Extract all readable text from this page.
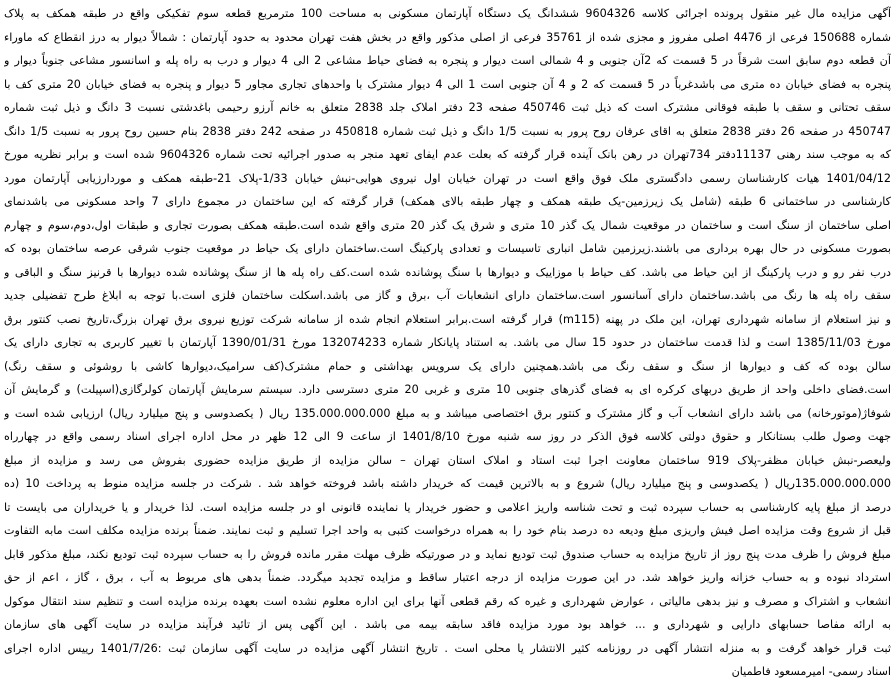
آگهی مزایده مال غیر منقول پرونده اجرائی کلاسه 9604326 ششدانگ یک دستگاه آپارتمان مسکونی به مساحت 100 مترمربع قطعه سوم تفکیکی واقع در طبقه همکف به پلاک
شماره 150688 فرعی از 4476 اصلی مفروز و مجزی شده از 35761 فرعی از اصلی مذکور واقع در بخش هفت تهران محدود به حدود آپارتمان : شمالاً دیوار به درز انقطاع که ماوراء
آن قطعه دوم سابق است شرقاً در 5 قسمت که 2آن جنوبی و 4 شمالی است دیوار و پنجره به فضای حیاط مشاعی 2 الی 4 دیوار و درب به راه پله و اسانسور مشاعی جنوباً دیوار و
پنجره به فضای خیابان ده متری می باشدغرباً در 5 قسمت که 2 و 4 آن جنوبی است 1 الی 4 دیوار مشترک با واحدهای تجاری مجاور 5 دیوار و پنجره به فضای خیابان 20 متری کف با
سقف تحتانی و سقف با طبقه فوقانی مشترک است که ذیل ثبت 450746 صفحه 23 دفتر املاک جلد 2838 متعلق به خانم آرزو رحیمی باغدشتی نسبت 3 دانگ و ذیل ثبت شماره
450747 در صفحه 26 دفتر 2838 متعلق به اقای عرفان روح پرور به نسبت 1/5 دانگ و ذیل ثبت شماره 450818 در صفحه 242 دفتر 2838 بنام حسین روح پرور به نسبت 1/5 دانگ
که به موجب سند رهنی 11137دفتر 734تهران در رهن بانک آینده قرار گرفته که بعلت عدم ایفای تعهد منجر به صدور اجرائیه تحت شماره 9604326 شده است و برابر نظریه مورخ
1401/04/12 هیات کارشناسان رسمی دادگستری ملک فوق واقع است در تهران خیابان اول نیروی هوایی-نبش خیابان 1/33-پلاک 21-طبقه همکف و موردارزیابی آپارتمان مورد
کارشناسی در ساختمانی 6 طبقه (شامل یک زیرزمین-یک طبقه همکف و چهار طبقه بالای همکف) قرار گرفته که این ساختمان در مجموع دارای 7 واحد مسکونی می باشدنمای
اصلی ساختمان از سنگ است و ساختمان در موقعیت شمال یک گذر 10 متری و شرق یک گذر 20 متری واقع شده است.طبقه همکف بصورت تجاری و طبقات اول،دوم،سوم و چهارم
بصورت مسکونی در حال بهره برداری می باشند.زیرزمین شامل انباری تاسیسات و تعدادی پارکینگ است.ساختمان دارای یک حیاط در موقعیت جنوب شرقی عرصه ساختمان بوده که
درب نفر رو و درب پارکینگ از این حیاط می باشد. کف حیاط با موزاییک و دیوارها با سنگ پوشانده شده است.کف راه پله ها از سنگ پوشانده شده دیوارها با قرنیز سنگ و الباقی و
سقف راه پله ها رنگ می باشد.ساختمان دارای آسانسور است.ساختمان دارای انشعابات آب ،برق و گاز می باشد.اسکلت ساختمان فلزی است.با توجه به ابلاغ طرح تفضیلی جدید
و نیز استعلام از سامانه شهرداری تهران، این ملک در پهنه (m115) قرار گرفته است.برابر استعلام انجام شده از سامانه شرکت توزیع نیروی برق تهران بزرگ،تاریخ نصب کنتور برق
مورخ 1385/11/03 است و لذا قدمت ساختمان در حدود 15 سال می باشد. به استناد پایانکار شماره 132074233 مورخ 1390/01/31 آپارتمان با تغییر کاربری به تجاری دارای یک
سالن بوده که کف و دیوارها از سنگ و سقف رنگ می باشد.همچنین دارای یک سرویس بهداشتی و حمام مشترک(کف سرامیک،دیوارها کاشی با روشوئی و سقف رنگ)
است.فضای داخلی واحد از طریق دربهای کرکره ای به فضای گذرهای جنوبی 10 متری و غربی 20 متری دسترسی دارد. سیستم سرمایش آپارتمان کولرگازی(اسپیلت) و گرمایش آن
شوفاژ(موتورخانه) می باشد دارای انشعاب آب و گاز مشترک و کنتور برق اختصاصی میباشد و به مبلغ 135.000.000.000 ریال ( یکصدوسی و پنج میلیارد ریال) ارزیابی شده است و
جهت وصول طلب بستانکار و حقوق دولتی کلاسه فوق الذکر در روز سه شنبه مورخ 1401/8/10 از ساعت 9 الی 12 ظهر در محل اداره اجرای اسناد رسمی واقع در چهارراه
ولیعصر-نبش خیابان مظفر-پلاک 919 ساختمان معاونت اجرا ثبت استاد و املاک استان تهران – سالن مزایده از طریق مزایده حضوری بفروش می رسد و مزایده از مبلغ
135.000.000.000ریال ( یکصدوسی و پنج میلیارد ریال) شروع و به بالاترین قیمت که خریدار داشته باشد فروخته خواهد شد . شرکت در جلسه مزایده منوط به پرداخت 10 (ده
درصد از مبلغ پایه کارشناسی به حساب سپرده ثبت و تحت شناسه واریز اعلامی و حضور خریدار یا نماینده قانونی او در جلسه مزایده است. لذا خریدار و یا خریداران می بایست تا
قبل از شروع وقت مزایده اصل فیش واریزی مبلغ ودیعه ده درصد بنام خود را به همراه درخواست کتبی به واحد اجرا تسلیم و ثبت نمایند. ضمناً برنده مزایده مکلف است مابه التفاوت
مبلغ فروش را ظرف مدت پنج روز از تاریخ مزایده به حساب صندوق ثبت تودیع نماید و در صورتیکه ظرف مهلت مقرر مانده فروش را به حساب سپرده ثبت تودیع نکند، مبلغ مذکور قابل
استرداد نبوده و به حساب خزانه واریز خواهد شد. در این صورت مزایده از درجه اعتبار ساقط و مزایده تجدید میگردد. ضمناً بدهی های مربوط به آب ، برق ، گاز ، اعم از حق
انشعاب و اشتراک و مصرف و نیز بدهی مالیاتی ، عوارض شهرداری و غیره که رقم قطعی آنها برای این اداره معلوم نشده است بعهده برنده مزایده است و تنظیم سند انتقال موکول
به ارائه مفاصا حسابهای دارایی و شهرداری و ... خواهد بود مورد مزایده فاقد سابقه بیمه می باشد . این آگهی پس از تائید فرآیند مزایده در سایت آگهی های سازمان
ثبت قرار خواهد گرفت و به منزله انتشار آگهی در روزنامه کثیر الانتشار یا محلی است . تاریخ انتشار آگهی مزایده در سایت آگهی سازمان ثبت :1401/7/26 رییس اداره اجرای
اسناد رسمی- امیرمسعود فاطمیان
